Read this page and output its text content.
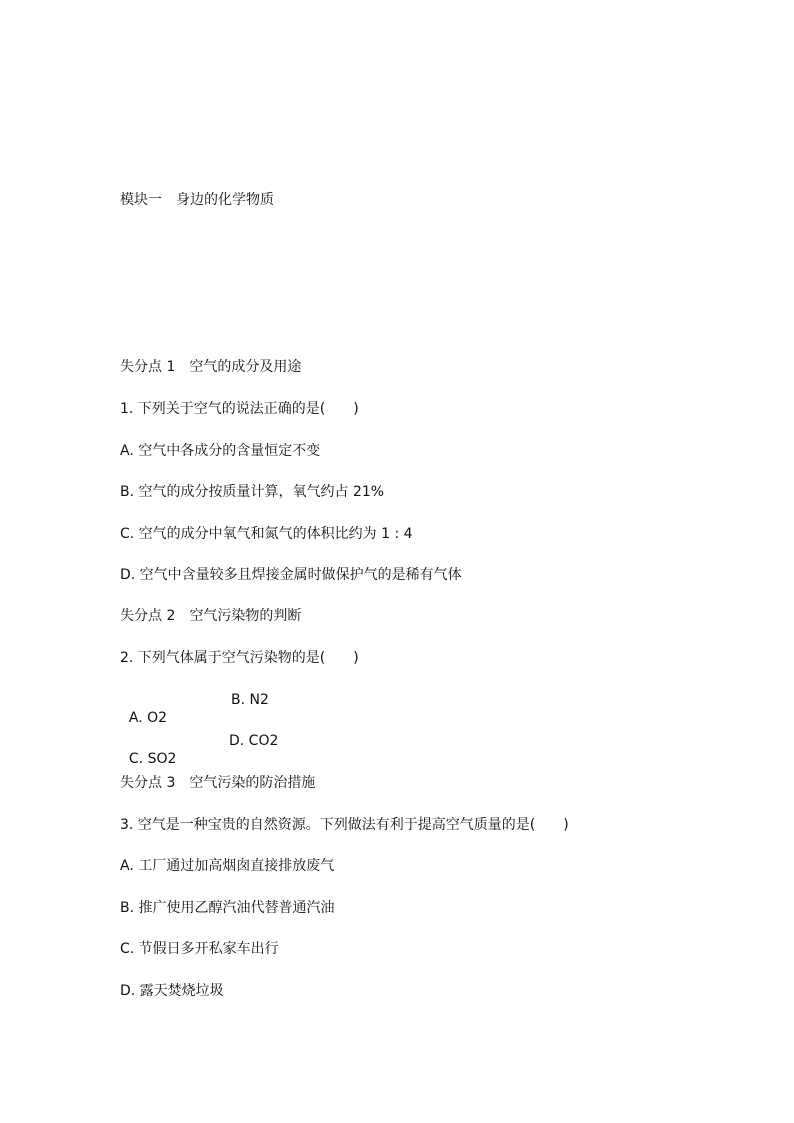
模块一　身边的化学物质
失分点 1　空气的成分及用途
1. 下列关于空气的说法正确的是(　　)
A. 空气中各成分的含量恒定不变
B. 空气的成分按质量计算，氧气约占 21%
C. 空气的成分中氧气和氮气的体积比约为 1 : 4
D. 空气中含量较多且焊接金属时做保护气的是稀有气体
失分点 2　空气污染物的判断
2. 下列气体属于空气污染物的是(　　)

A. O2

B. N2

C. SO2

D. CO2

失分点 3　空气污染的防治措施
3. 空气是一种宝贵的自然资源。下列做法有利于提高空气质量的是(　　)
A. 工厂通过加高烟囱直接排放废气
B. 推广使用乙醇汽油代替普通汽油
C. 节假日多开私家车出行
D. 露天焚烧垃圾
